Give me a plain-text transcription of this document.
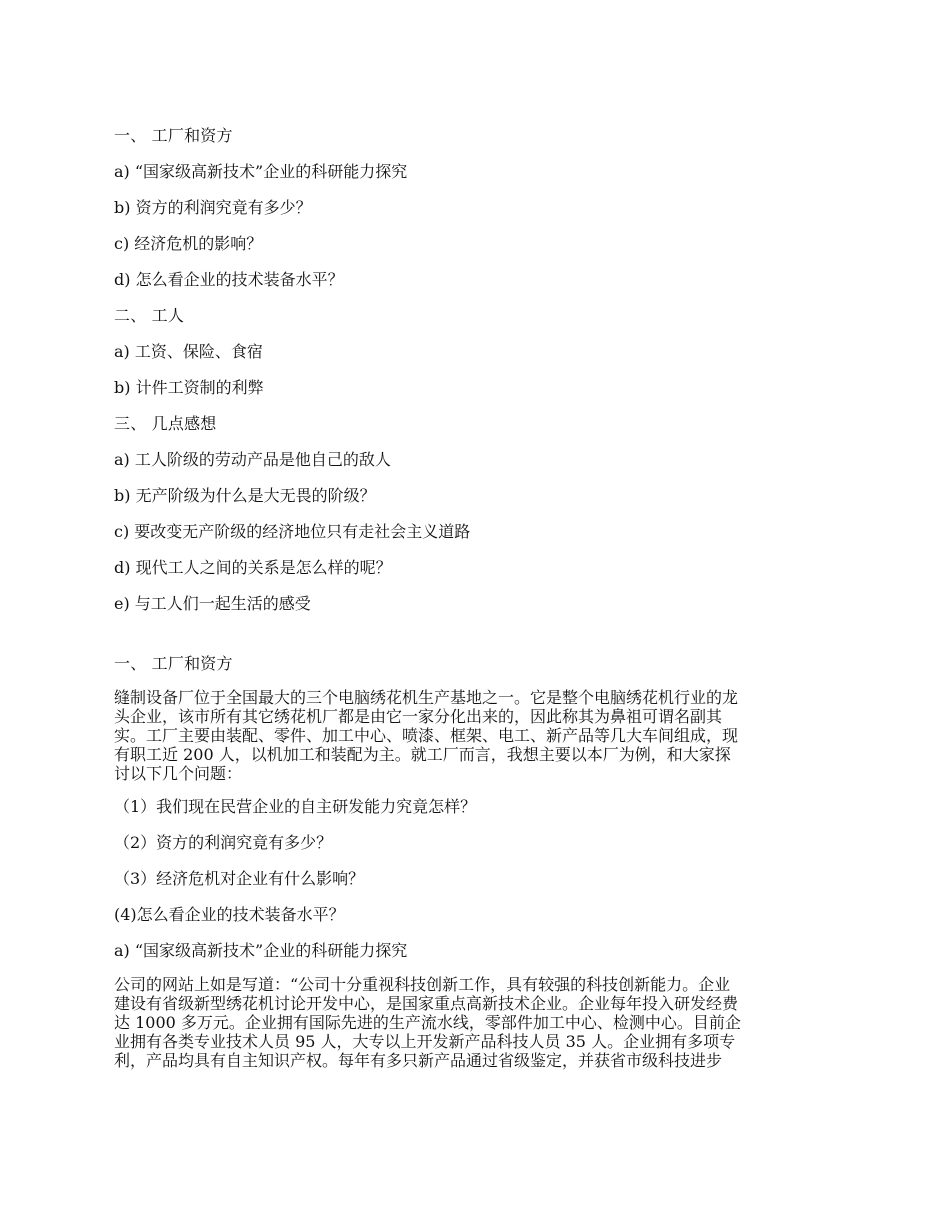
一、 工厂和资方
a) “国家级高新技术”企业的科研能力探究
b) 资方的利润究竟有多少？
c) 经济危机的影响？
d) 怎么看企业的技术装备水平？
二、 工人
a) 工资、保险、食宿
b) 计件工资制的利弊
三、 几点感想
a) 工人阶级的劳动产品是他自己的敌人
b) 无产阶级为什么是大无畏的阶级？
c) 要改变无产阶级的经济地位只有走社会主义道路
d) 现代工人之间的关系是怎么样的呢？
e) 与工人们一起生活的感受
一、 工厂和资方
缝制设备厂位于全国最大的三个电脑绣花机生产基地之一。它是整个电脑绣花机行业的龙
头企业，该市所有其它绣花机厂都是由它一家分化出来的，因此称其为鼻祖可谓名副其
实。工厂主要由装配、零件、加工中心、喷漆、框架、电工、新产品等几大车间组成，现
有职工近 200 人，以机加工和装配为主。就工厂而言，我想主要以本厂为例，和大家探
讨以下几个问题：
（1）我们现在民营企业的自主研发能力究竟怎样？
（2）资方的利润究竟有多少？
（3）经济危机对企业有什么影响？
(4)怎么看企业的技术装备水平？
a) “国家级高新技术”企业的科研能力探究
公司的网站上如是写道：“公司十分重视科技创新工作，具有较强的科技创新能力。企业
建设有省级新型绣花机讨论开发中心，是国家重点高新技术企业。企业每年投入研发经费
达 1000 多万元。企业拥有国际先进的生产流水线，零部件加工中心、检测中心。目前企
业拥有各类专业技术人员 95 人，大专以上开发新产品科技人员 35 人。企业拥有多项专
利，产品均具有自主知识产权。每年有多只新产品通过省级鉴定，并获省市级科技进步
